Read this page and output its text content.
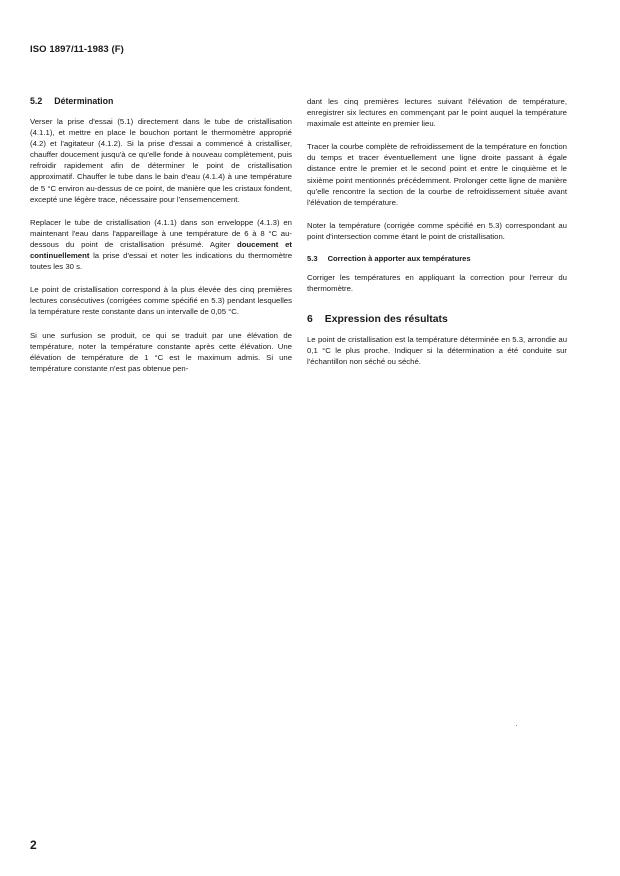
ISO 1897/11-1983 (F)
5.2 Détermination

Verser la prise d'essai (5.1) directement dans le tube de cristallisation (4.1.1), et mettre en place le bouchon portant le thermomètre approprié (4.2) et l'agitateur (4.1.2). Si la prise d'essai a commencé à cristalliser, chauffer doucement jusqu'à ce qu'elle fonde à nouveau complètement, puis refroidir rapidement afin de déterminer le point de cristallisation approximatif. Chauffer le tube dans le bain d'eau (4.1.4) à une température de 5 °C environ au-dessus de ce point, de manière que les cristaux fondent, excepté une légère trace, nécessaire pour l'ensemencement.

Replacer le tube de cristallisation (4.1.1) dans son enveloppe (4.1.3) en maintenant l'eau dans l'appareillage à une température de 6 à 8 °C au-dessous du point de cristallisation présumé. Agiter doucement et continuellement la prise d'essai et noter les indications du thermomètre toutes les 30 s.

Le point de cristallisation correspond à la plus élevée des cinq premières lectures consécutives (corrigées comme spécifié en 5.3) pendant lesquelles la température reste constante dans un intervalle de 0,05 °C.

Si une surfusion se produit, ce qui se traduit par une élévation de température, noter la température constante après cette élévation. Une élévation de température de 1 °C est le maximum admis. Si une température constante n'est pas obtenue pen-

dant les cinq premières lectures suivant l'élévation de température, enregistrer six lectures en commençant par le point auquel la température maximale est atteinte en premier lieu.

Tracer la courbe complète de refroidissement de la température en fonction du temps et tracer éventuellement une ligne droite passant à égale distance entre le premier et le second point et entre le cinquième et le sixième point mentionnés précédemment. Prolonger cette ligne de manière qu'elle rencontre la section de la courbe de refroidissement située avant l'élévation de température.

Noter la température (corrigée comme spécifié en 5.3) correspondant au point d'intersection comme étant le point de cristallisation.

5.3 Correction à apporter aux températures

Corriger les températures en appliquant la correction pour l'erreur du thermomètre.

6 Expression des résultats

Le point de cristallisation est la température déterminée en 5.3, arrondie au 0,1 °C le plus proche. Indiquer si la détermination a été conduite sur l'échantillon non séché ou séché.

2
